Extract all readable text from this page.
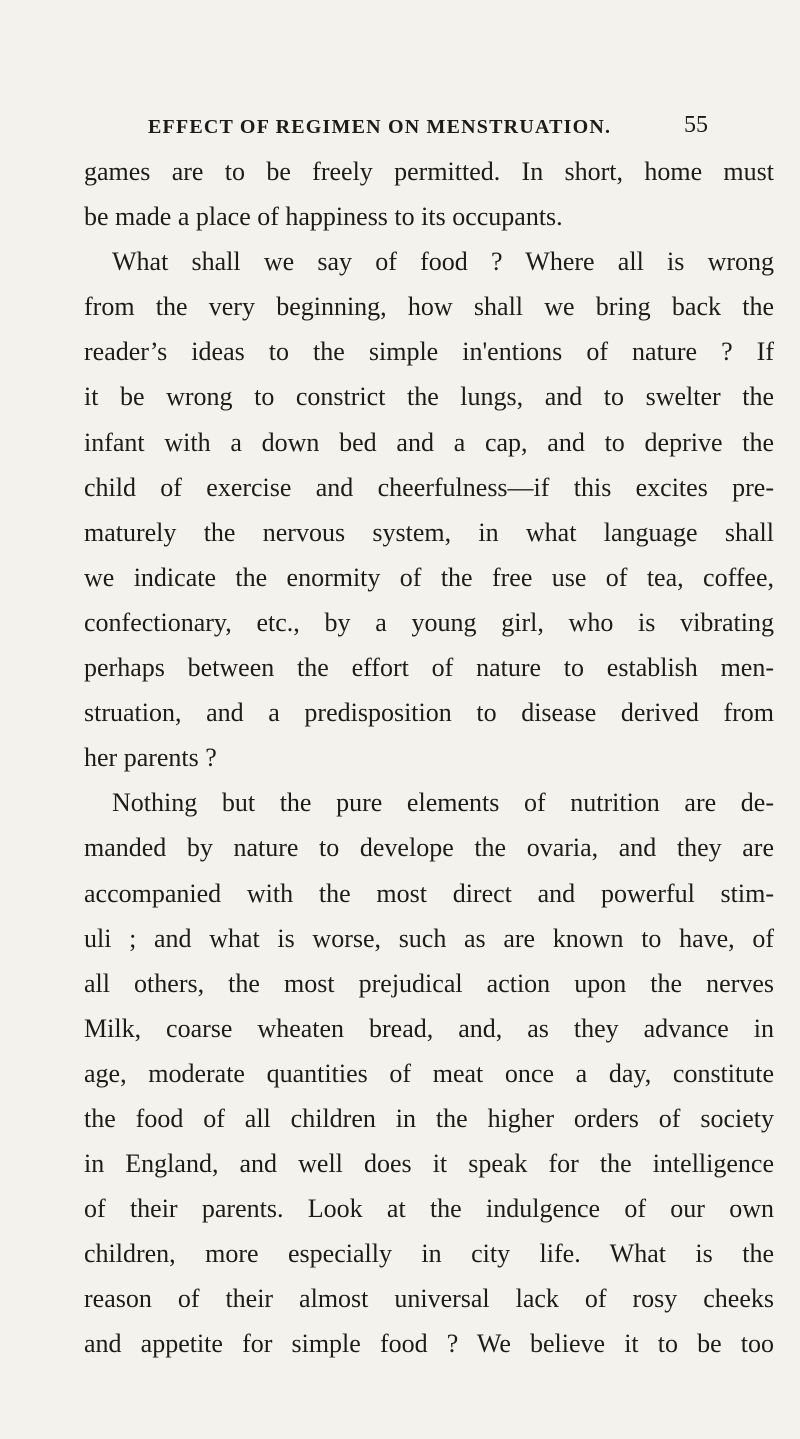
EFFECT OF REGIMEN ON MENSTRUATION.	55
games are to be freely permitted. In short, home must
be made a place of happiness to its occupants.
What shall we say of food ? Where all is wrong
from the very beginning, how shall we bring back the
reader’s ideas to the simple in'entions of nature ? If
it be wrong to constrict the lungs, and to swelter the
infant with a down bed and a cap, and to deprive the
child of exercise and cheerfulness—if this excites pre-
maturely the nervous system, in what language shall
we indicate the enormity of the free use of tea, coffee,
confectionary, etc., by a young girl, who is vibrating
perhaps between the effort of nature to establish men-
struation, and a predisposition to disease derived from
her parents ?
Nothing but the pure elements of nutrition are de-
manded by nature to develope the ovaria, and they are
accompanied with the most direct and powerful stim-
uli ; and what is worse, such as are known to have, of
all others, the most prejudical action upon the nerves
Milk, coarse wheaten bread, and, as they advance in
age, moderate quantities of meat once a day, constitute
the food of all children in the higher orders of society
in England, and well does it speak for the intelligence
of their parents. Look at the indulgence of our own
children, more especially in city life. What is the
reason of their almost universal lack of rosy cheeks
and appetite for simple food ? We believe it to be too
